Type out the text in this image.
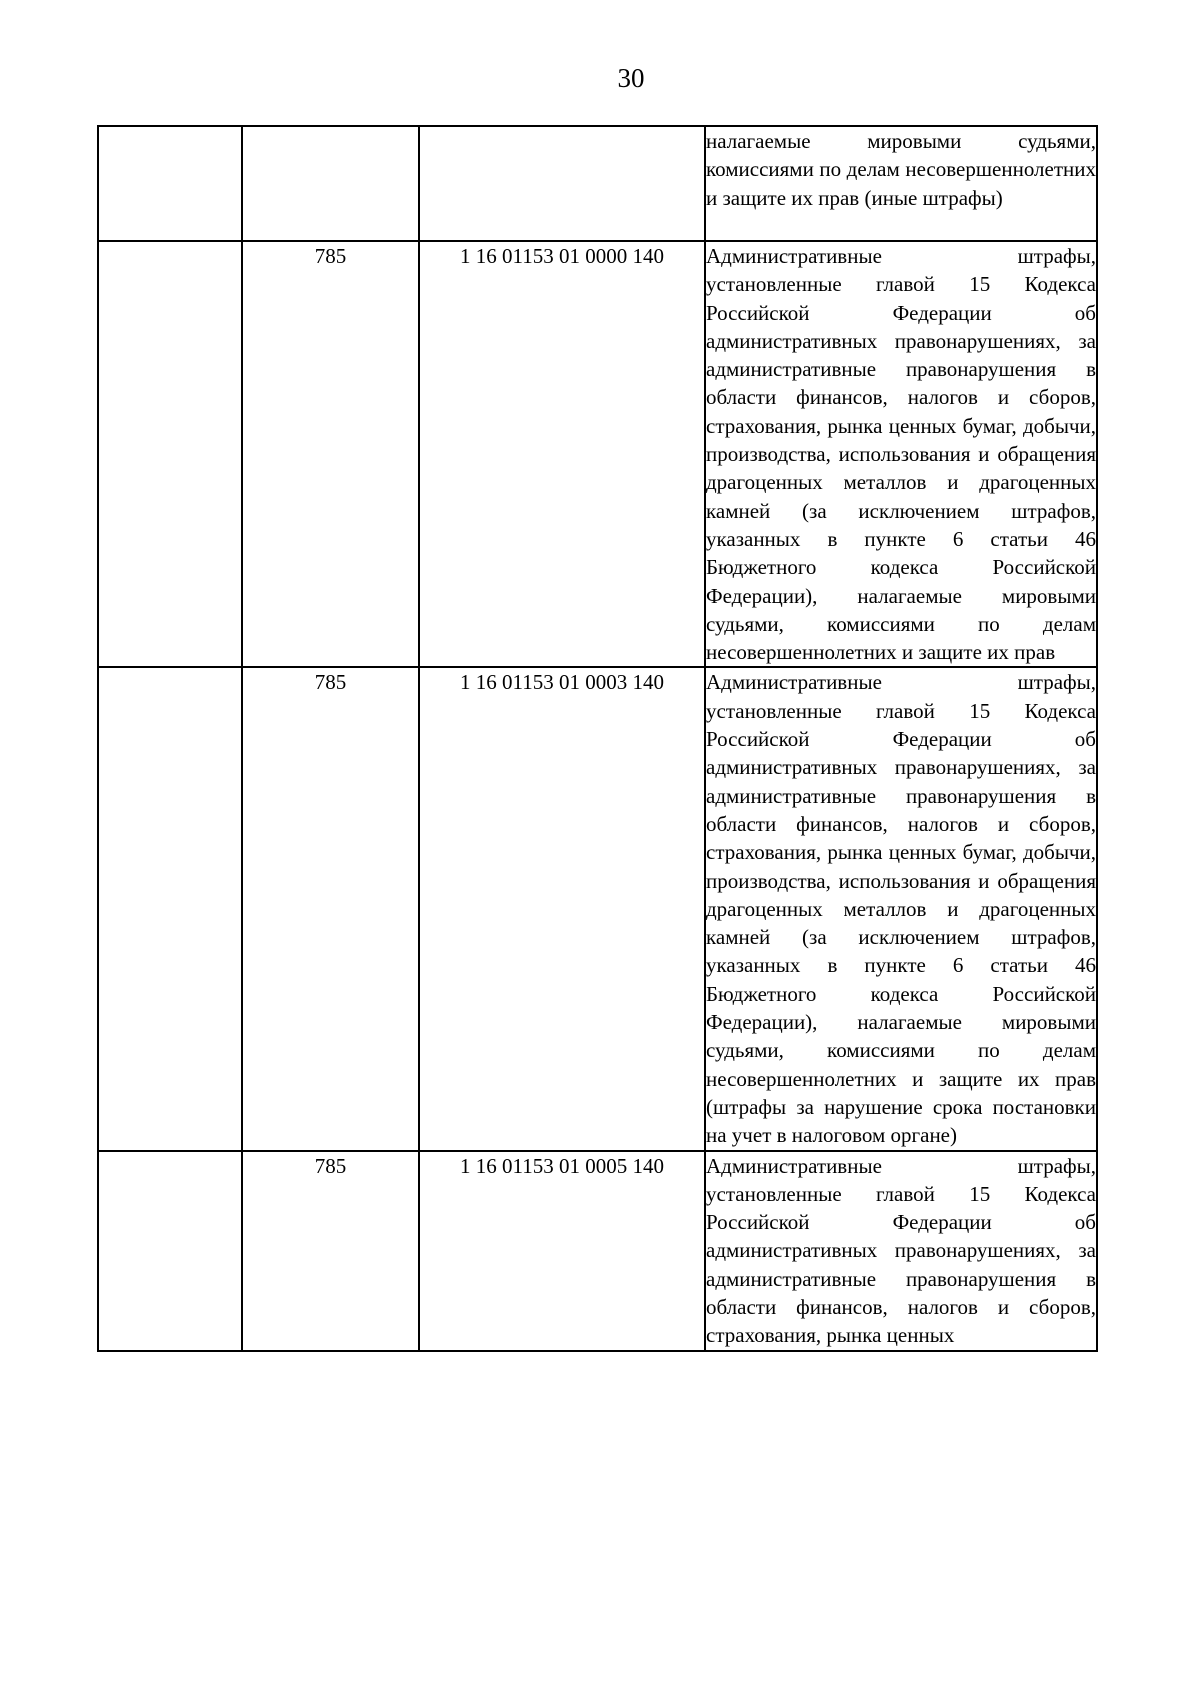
30
			налагаемые мировыми судьями, комиссиями по делам несовершеннолетних и защите их прав (иные штрафы)
	785	1 16 01153 01 0000 140	Административные штрафы, установленные главой 15 Кодекса Российской Федерации об административных правонарушениях, за административные правонарушения в области финансов, налогов и сборов, страхования, рынка ценных бумаг, добычи, производства, использования и обращения драгоценных металлов и драгоценных камней (за исключением штрафов, указанных в пункте 6 статьи 46 Бюджетного кодекса Российской Федерации), налагаемые мировыми судьями, комиссиями по делам несовершеннолетних и защите их прав
	785	1 16 01153 01 0003 140	Административные штрафы, установленные главой 15 Кодекса Российской Федерации об административных правонарушениях, за административные правонарушения в области финансов, налогов и сборов, страхования, рынка ценных бумаг, добычи, производства, использования и обращения драгоценных металлов и драгоценных камней (за исключением штрафов, указанных в пункте 6 статьи 46 Бюджетного кодекса Российской Федерации), налагаемые мировыми судьями, комиссиями по делам несовершеннолетних и защите их прав (штрафы за нарушение срока постановки на учет в налоговом органе)
	785	1 16 01153 01 0005 140	Административные штрафы, установленные главой 15 Кодекса Российской Федерации об административных правонарушениях, за административные правонарушения в области финансов, налогов и сборов, страхования, рынка ценных
